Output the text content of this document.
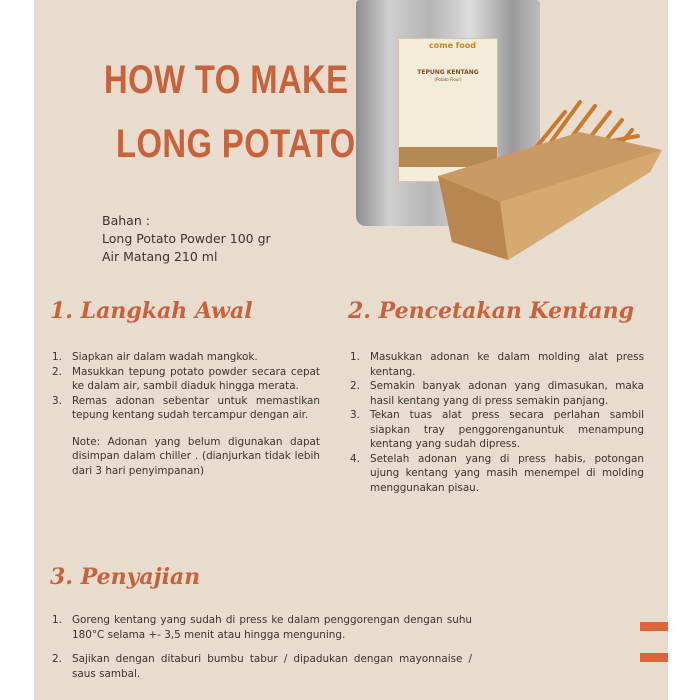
HOW TO MAKE
LONG POTATO
come food
TEPUNG KENTANG
(Potato Flour)
Bahan :
Long Potato Powder 100 gr
Air Matang 210 ml
1. Langkah Awal
1. Siapkan air dalam wadah mangkok.
2. Masukkan tepung potato powder secara cepat ke dalam air, sambil diaduk hingga merata.
3. Remas adonan sebentar untuk memastikan tepung kentang sudah tercampur dengan air.
Note: Adonan yang belum digunakan dapat disimpan dalam chiller . (dianjurkan tidak lebih dari 3 hari penyimpanan)
2. Pencetakan Kentang
1. Masukkan adonan ke dalam molding alat press kentang.
2. Semakin banyak adonan yang dimasukan, maka hasil kentang yang di press semakin panjang.
3. Tekan tuas alat press secara perlahan sambil siapkan tray penggorenganuntuk menampung kentang yang sudah dipress.
4. Setelah adonan yang di press habis, potongan ujung kentang yang masih menempel di molding menggunakan pisau.
3. Penyajian
1. Goreng kentang yang sudah di press ke dalam penggorengan dengan suhu 180°C selama +- 3,5 menit atau hingga menguning.
2. Sajikan dengan ditaburi bumbu tabur / dipadukan dengan mayonnaise / saus sambal.
